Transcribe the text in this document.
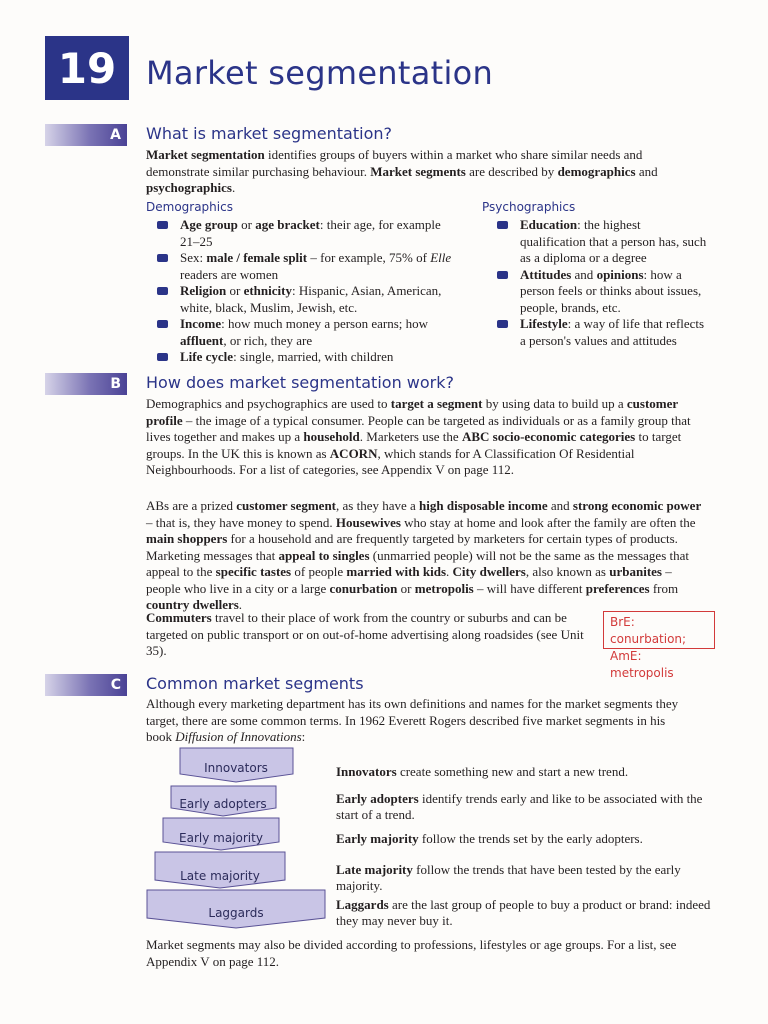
19 Market segmentation
A	What is market segmentation?

Market segmentation identifies groups of buyers within a market who share similar needs and demonstrate similar purchasing behaviour. Market segments are described by demographics and psychographics.

Demographics
Age group or age bracket: their age, for example 21–25
Sex: male / female split – for example, 75% of Elle readers are women
Religion or ethnicity: Hispanic, Asian, American, white, black, Muslim, Jewish, etc.
Income: how much money a person earns; how affluent, or rich, they are
Life cycle: single, married, with children
Psychographics
Education: the highest qualification that a person has, such as a diploma or a degree
Attitudes and opinions: how a person feels or thinks about issues, people, brands, etc.
Lifestyle: a way of life that reflects a person's values and attitudes
B	How does market segmentation work?

Demographics and psychographics are used to target a segment by using data to build up a customer profile – the image of a typical consumer. People can be targeted as individuals or as a family group that lives together and makes up a household. Marketers use the ABC socio-economic categories to target groups. In the UK this is known as ACORN, which stands for A Classification Of Residential Neighbourhoods. For a list of categories, see Appendix V on page 112.

ABs are a prized customer segment, as they have a high disposable income and strong economic power – that is, they have money to spend. Housewives who stay at home and look after the family are often the main shoppers for a household and are frequently targeted by marketers for certain types of products. Marketing messages that appeal to singles (unmarried people) will not be the same as the messages that appeal to the specific tastes of people married with kids. City dwellers, also known as urbanites – people who live in a city or a large conurbation or metropolis – will have different preferences from country dwellers.

Commuters travel to their place of work from the country or suburbs and can be targeted on public transport or on out-of-home advertising along roadsides (see Unit 35).

BrE: conurbation;
AmE: metropolis
C	Common market segments

Although every marketing department has its own definitions and names for the market segments they target, there are some common terms. In 1962 Everett Rogers described five market segments in his book Diffusion of Innovations:

Innovators
Early adopters
Early majority
Late majority
Laggards

Innovators create something new and start a new trend.

Early adopters identify trends early and like to be associated with the start of a trend.

Early majority follow the trends set by the early adopters.

Late majority follow the trends that have been tested by the early majority.

Laggards are the last group of people to buy a product or brand: indeed they may never buy it.

Market segments may also be divided according to professions, lifestyles or age groups. For a list, see Appendix V on page 112.
